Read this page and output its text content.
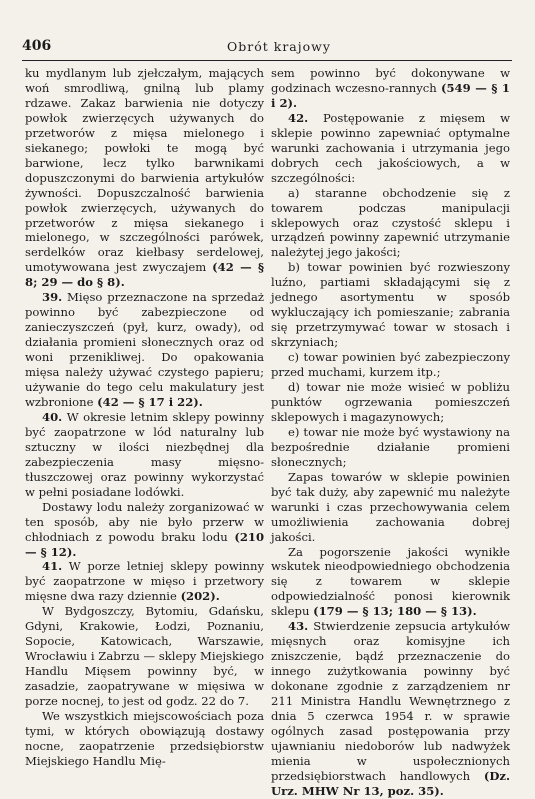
406	Obrót krajowy

ku mydlanym lub zjełczałym, mających woń smrodliwą, gnilną lub plamy rdzawe. Zakaz barwienia nie dotyczy powłok zwierzęcych używanych do przetworów z mięsa mielonego i siekanego; powłoki te mogą być barwione, lecz tylko barwnikami dopuszczonymi do barwienia artykułów żywności. Dopuszczalność barwienia powłok zwierzęcych, używanych do przetworów z mięsa siekanego i mielonego, w szczególności parówek, serdelków oraz kiełbasy serdelowej, umotywowana jest zwyczajem (42 — § 8; 29 — do § 8).

39. Mięso przeznaczone na sprzedaż powinno być zabezpieczone od zanieczyszczeń (pył, kurz, owady), od działania promieni słonecznych oraz od woni przenikliwej. Do opakowania mięsa należy używać czystego papieru; używanie do tego celu makulatury jest wzbronione (42 — § 17 i 22).

40. W okresie letnim sklepy powinny być zaopatrzone w lód naturalny lub sztuczny w ilości niezbędnej dla zabezpieczenia masy mięsno-tłuszczowej oraz powinny wykorzystać w pełni posiadane lodówki.

Dostawy lodu należy zorganizować w ten sposób, aby nie było przerw w chłodniach z powodu braku lodu (210 — § 12).

41. W porze letniej sklepy powinny być zaopatrzone w mięso i przetwory mięsne dwa razy dziennie (202).

W Bydgoszczy, Bytomiu, Gdańsku, Gdyni, Krakowie, Łodzi, Poznaniu, Sopocie, Katowicach, Warszawie, Wrocławiu i Zabrzu — sklepy Miejskiego Handlu Mięsem powinny być, w zasadzie, zaopatrywane w mięsiwa w porze nocnej, to jest od godz. 22 do 7.

We wszystkich miejscowościach poza tymi, w których obowiązują dostawy nocne, zaopatrzenie przedsiębiorstw Miejskiego Handlu Mię-

sem powinno być dokonywane w godzinach wczesno-rannych (549 — § 1 i 2).

42. Postępowanie z mięsem w sklepie powinno zapewniać optymalne warunki zachowania i utrzymania jego dobrych cech jakościowych, a w szczególności:

a) staranne obchodzenie się z towarem podczas manipulacji sklepowych oraz czystość sklepu i urządzeń powinny zapewnić utrzymanie należytej jego jakości;

b) towar powinien być rozwieszony luźno, partiami składającymi się z jednego asortymentu w sposób wykluczający ich pomieszanie; zabrania się przetrzymywać towar w stosach i skrzyniach;

c) towar powinien być zabezpieczony przed muchami, kurzem itp.;

d) towar nie może wisieć w pobliżu punktów ogrzewania pomieszczeń sklepowych i magazynowych;

e) towar nie może być wystawiony na bezpośrednie działanie promieni słonecznych;

Zapas towarów w sklepie powinien być tak duży, aby zapewnić mu należyte warunki i czas przechowywania celem umożliwienia zachowania dobrej jakości.

Za pogorszenie jakości wynikłe wskutek nieodpowiedniego obchodzenia się z towarem w sklepie odpowiedzialność ponosi kierownik sklepu (179 — § 13; 180 — § 13).

43. Stwierdzenie zepsucia artykułów mięsnych oraz komisyjne ich zniszczenie, bądź przeznaczenie do innego zużytkowania powinny być dokonane zgodnie z zarządzeniem nr 211 Ministra Handlu Wewnętrznego z dnia 5 czerwca 1954 r. w sprawie ogólnych zasad postępowania przy ujawnianiu niedoborów lub nadwyżek mienia w uspołecznionych przedsiębiorstwach handlowych (Dz. Urz. MHW Nr 13, poz. 35).
